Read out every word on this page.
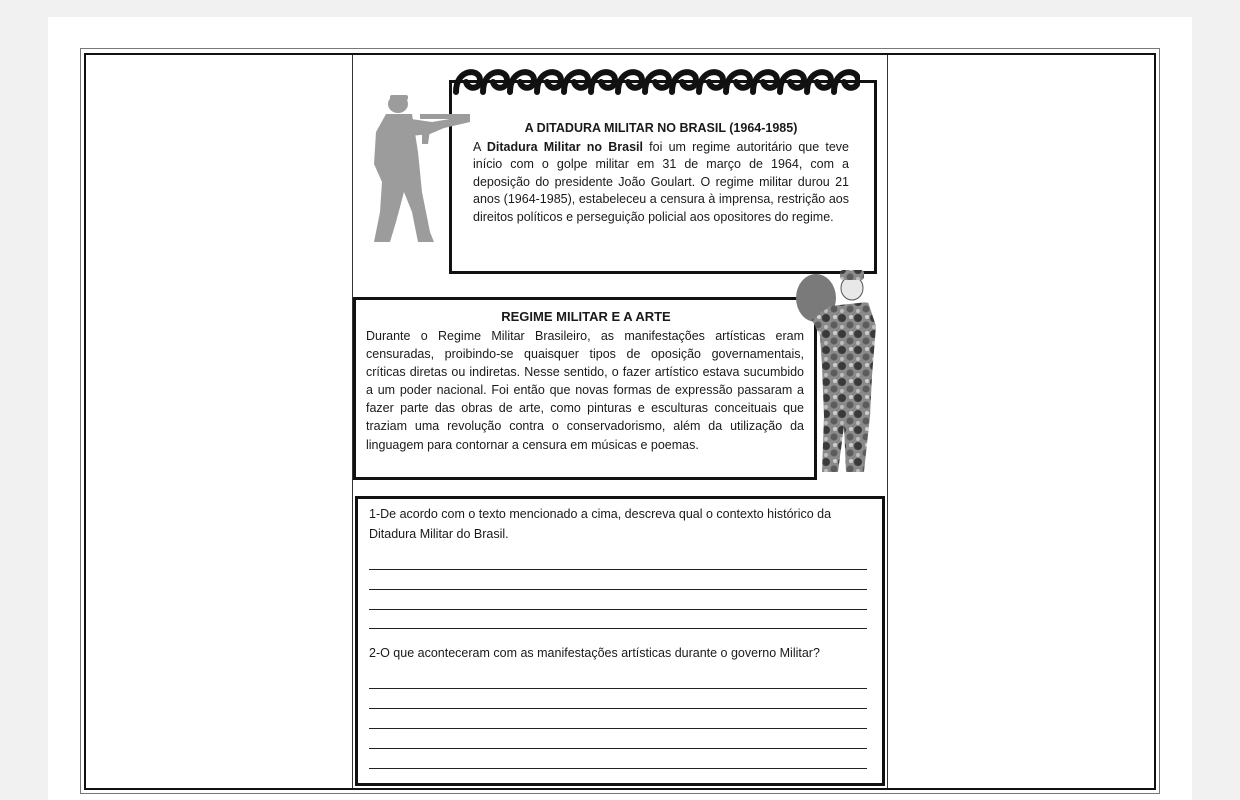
A DITADURA MILITAR NO BRASIL (1964-1985)
A Ditadura Militar no Brasil foi um regime autoritário que teve início com o golpe militar em 31 de março de 1964, com a deposição do presidente João Goulart. O regime militar durou 21 anos (1964-1985), estabeleceu a censura à imprensa, restrição aos direitos políticos e perseguição policial aos opositores do regime.
REGIME MILITAR E A ARTE
Durante o Regime Militar Brasileiro, as manifestações artísticas eram censuradas, proibindo-se quaisquer tipos de oposição governamentais, críticas diretas ou indiretas. Nesse sentido, o fazer artístico estava sucumbido a um poder nacional. Foi então que novas formas de expressão passaram a fazer parte das obras de arte, como pinturas e esculturas conceituais que traziam uma revolução contra o conservadorismo, além da utilização da linguagem para contornar a censura em músicas e poemas.
1-De acordo com o texto mencionado a cima, descreva qual o contexto histórico da Ditadura Militar do Brasil.
2-O que aconteceram com as manifestações artísticas durante o governo Militar?
